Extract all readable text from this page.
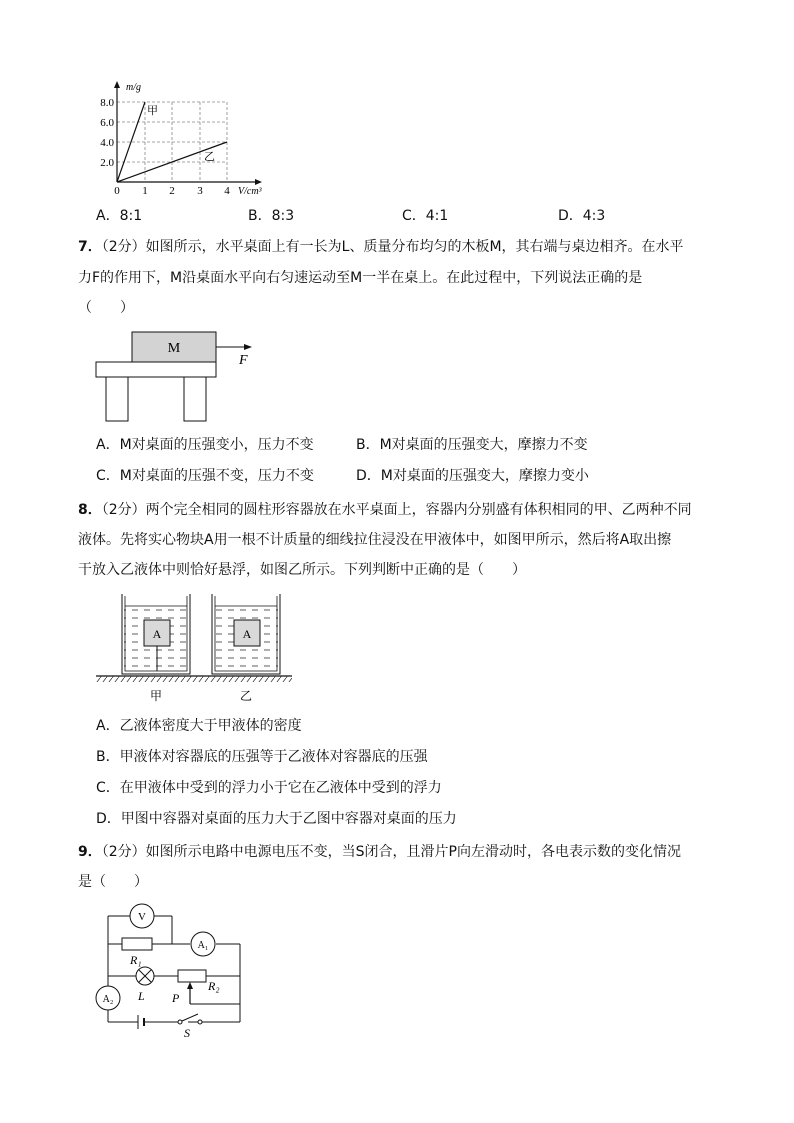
m/g
8.0
6.0
4.0
2.0
0 1 2 3 4 V/cm³
甲
乙
A．8:1	B．8:3	C．4:1	D．4:3
7．（2分）如图所示，水平桌面上有一长为L、质量分布均匀的木板M，其右端与桌边相齐。在水平
力F的作用下，M沿桌面水平向右匀速运动至M一半在桌上。在此过程中，下列说法正确的是
（　　）
M
F
A．M对桌面的压强变小，压力不变	B．M对桌面的压强变大，摩擦力不变
C．M对桌面的压强不变，压力不变	D．M对桌面的压强变大，摩擦力变小
8．（2分）两个完全相同的圆柱形容器放在水平桌面上，容器内分别盛有体积相同的甲、乙两种不同
液体。先将实心物块A用一根不计质量的细线拉住浸没在甲液体中，如图甲所示，然后将A取出擦
干放入乙液体中则恰好悬浮，如图乙所示。下列判断中正确的是（　　）
A	A
甲	乙
A．乙液体密度大于甲液体的密度
B．甲液体对容器底的压强等于乙液体对容器底的压强
C．在甲液体中受到的浮力小于它在乙液体中受到的浮力
D．甲图中容器对桌面的压力大于乙图中容器对桌面的压力
9．（2分）如图所示电路中电源电压不变，当S闭合，且滑片P向左滑动时，各电表示数的变化情况
是（　　）
R₁
V
A₁
L
R₂
P
A₂
S
